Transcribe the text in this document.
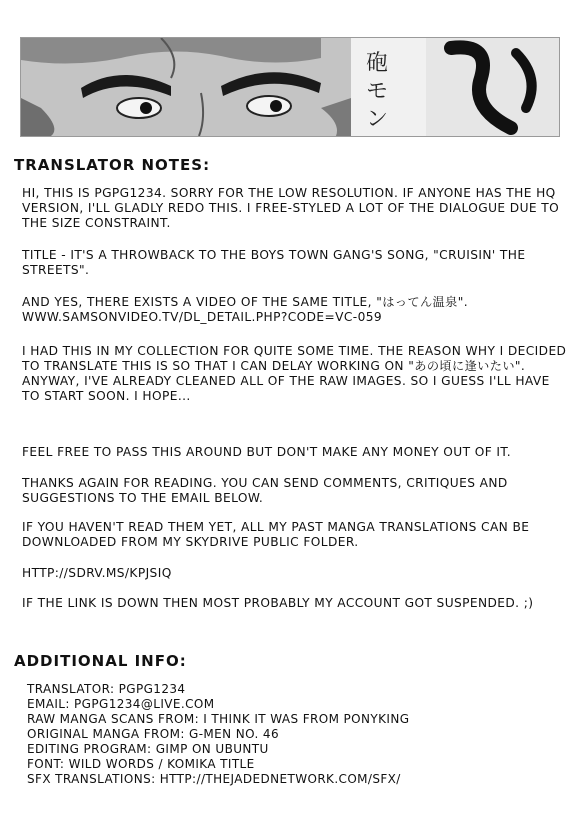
砲
モ
ン
TRANSLATOR NOTES:

HI, THIS IS PGPG1234. SORRY FOR THE LOW RESOLUTION. IF ANYONE HAS THE HQ VERSION, I'LL GLADLY REDO THIS. I FREE-STYLED A LOT OF THE DIALOGUE DUE TO THE SIZE CONSTRAINT.

TITLE - IT'S A THROWBACK TO THE BOYS TOWN GANG'S SONG, "CRUISIN' THE STREETS".

AND YES, THERE EXISTS A VIDEO OF THE SAME TITLE, "はってん温泉". WWW.SAMSONVIDEO.TV/DL_DETAIL.PHP?CODE=VC-059

I HAD THIS IN MY COLLECTION FOR QUITE SOME TIME. THE REASON WHY I DECIDED TO TRANSLATE THIS IS SO THAT I CAN DELAY WORKING ON "あの頃に逢いたい". ANYWAY, I'VE ALREADY CLEANED ALL OF THE RAW IMAGES. SO I GUESS I'LL HAVE TO START SOON. I HOPE...

FEEL FREE TO PASS THIS AROUND BUT DON'T MAKE ANY MONEY OUT OF IT.

THANKS AGAIN FOR READING. YOU CAN SEND COMMENTS, CRITIQUES AND SUGGESTIONS TO THE EMAIL BELOW.

IF YOU HAVEN'T READ THEM YET, ALL MY PAST MANGA TRANSLATIONS CAN BE DOWNLOADED FROM MY SKYDRIVE PUBLIC FOLDER.

HTTP://SDRV.MS/KPJSIQ

IF THE LINK IS DOWN THEN MOST PROBABLY MY ACCOUNT GOT SUSPENDED. ;)

ADDITIONAL INFO:
TRANSLATOR: PGPG1234
EMAIL: PGPG1234@LIVE.COM
RAW MANGA SCANS FROM: I THINK IT WAS FROM PONYKING
ORIGINAL MANGA FROM: G-MEN NO. 46
EDITING PROGRAM: GIMP ON UBUNTU
FONT: WILD WORDS / KOMIKA TITLE
SFX TRANSLATIONS: HTTP://THEJADEDNETWORK.COM/SFX/
